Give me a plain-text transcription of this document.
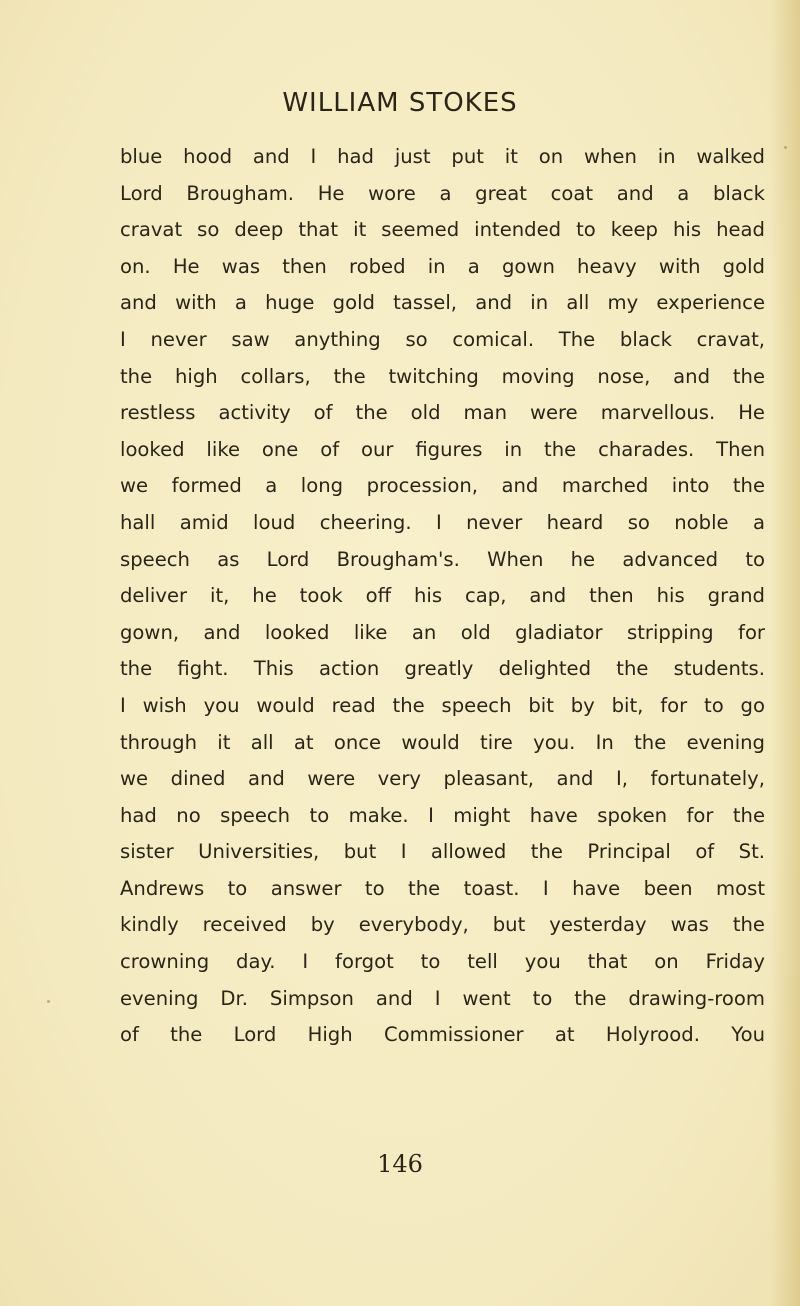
WILLIAM STOKES
blue hood and I had just put it on when in walked
Lord Brougham. He wore a great coat and a black
cravat so deep that it seemed intended to keep his head
on. He was then robed in a gown heavy with gold
and with a huge gold tassel, and in all my experience
I never saw anything so comical. The black cravat,
the high collars, the twitching moving nose, and the
restless activity of the old man were marvellous. He
looked like one of our figures in the charades. Then
we formed a long procession, and marched into the
hall amid loud cheering. I never heard so noble a
speech as Lord Brougham's. When he advanced to
deliver it, he took off his cap, and then his grand
gown, and looked like an old gladiator stripping for
the fight. This action greatly delighted the students.
I wish you would read the speech bit by bit, for to go
through it all at once would tire you. In the evening
we dined and were very pleasant, and I, fortunately,
had no speech to make. I might have spoken for the
sister Universities, but I allowed the Principal of St.
Andrews to answer to the toast. I have been most
kindly received by everybody, but yesterday was the
crowning day. I forgot to tell you that on Friday
evening Dr. Simpson and I went to the drawing-room
of the Lord High Commissioner at Holyrood. You
146
